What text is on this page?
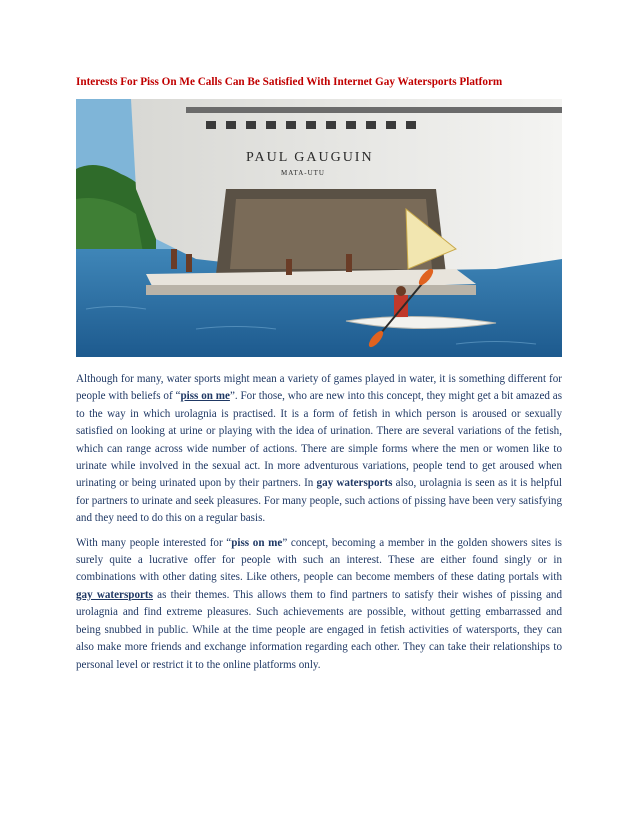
Interests For Piss On Me Calls Can Be Satisfied With Internet Gay Watersports Platform
PAUL GAUGUIN
MATA-UTU

Although for many, water sports might mean a variety of games played in water, it is something different for people with beliefs of “piss on me”. For those, who are new into this concept, they might get a bit amazed as to the way in which urolagnia is practised. It is a form of fetish in which person is aroused or sexually satisfied on looking at urine or playing with the idea of urination. There are several variations of the fetish, which can range across wide number of actions. There are simple forms where the men or women like to urinate while involved in the sexual act. In more adventurous variations, people tend to get aroused when urinating or being urinated upon by their partners. In gay watersports also, urolagnia is seen as it is helpful for partners to urinate and seek pleasures. For many people, such actions of pissing have been very satisfying and they need to do this on a regular basis.

With many people interested for “piss on me” concept, becoming a member in the golden showers sites is surely quite a lucrative offer for people with such an interest. These are either found singly or in combinations with other dating sites. Like others, people can become members of these dating portals with gay watersports as their themes. This allows them to find partners to satisfy their wishes of pissing and urolagnia and find extreme pleasures. Such achievements are possible, without getting embarrassed and being snubbed in public. While at the time people are engaged in fetish activities of watersports, they can also make more friends and exchange information regarding each other. They can take their relationships to personal level or restrict it to the online platforms only.
